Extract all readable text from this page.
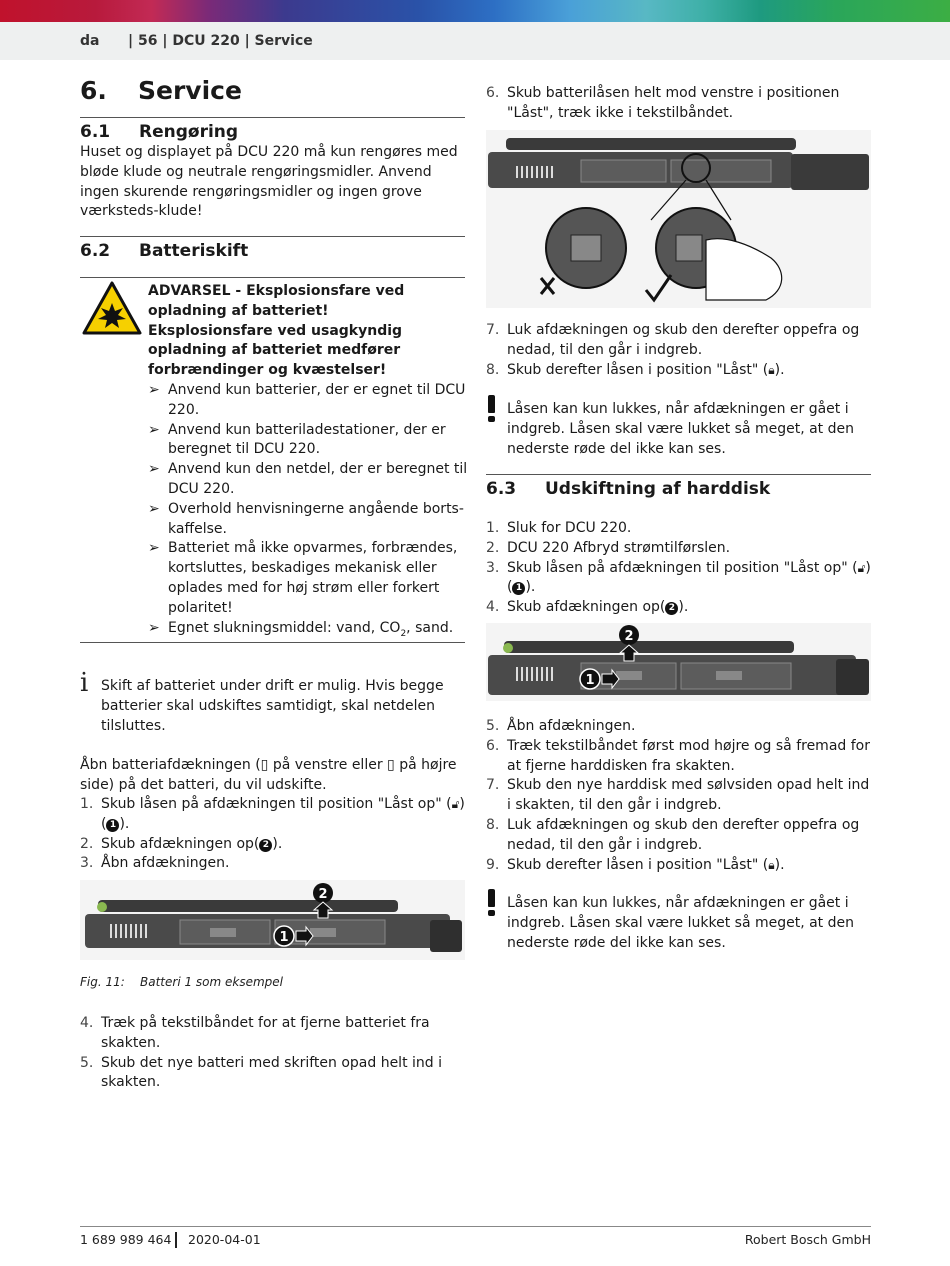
da | 56 | DCU 220 | Service
6. Service
6.1 Rengøring
Huset og displayet på DCU 220 må kun rengøres med bløde klude og neutrale rengøringsmidler. Anvend ingen skurende rengøringsmidler og ingen grove værksteds-klude!
6.2 Batteriskift

ADVARSEL - Eksplosionsfare ved opladning af batteriet!

Eksplosionsfare ved usagkyndig opladning af batteriet medfører forbrændinger og kvæstelser!

➢ Anvend kun batterier, der er egnet til DCU 220.
➢ Anvend kun batteriladestationer, der er beregnet til DCU 220.
➢ Anvend kun den netdel, der er beregnet til DCU 220.
➢ Overhold henvisningerne angående borts-kaffelse.
➢ Batteriet må ikke opvarmes, forbrændes, kortsluttes, beskadiges mekanisk eller oplades med for høj strøm eller forkert polaritet!
➢ Egnet slukningsmiddel: vand, $CO_2$, sand.
i Skift af batteriet under drift er mulig. Hvis begge batterier skal udskiftes samtidigt, skal netdelen tilsluttes.
Åbn batteriafdækningen (▯ på venstre eller ▯ på højre side) på det batteri, du vil udskifte.
1. Skub låsen på afdækningen til position "Låst op" (🔓︎) ( 1 ).
2. Skub afdækningen op( 2 ).
3. Åbn afdækningen.
1
2
Fig. 11: Batteri 1 som eksempel
4. Træk på tekstilbåndet for at fjerne batteriet fra skakten.
5. Skub det nye batteri med skriften opad helt ind i skakten.
6. Skub batterilåsen helt mod venstre i positionen "Låst", træk ikke i tekstilbåndet.
7. Luk afdækningen og skub den derefter oppefra og nedad, til den går i indgreb.
8. Skub derefter låsen i position "Låst" (🔒︎).
Låsen kan kun lukkes, når afdækningen er gået i indgreb. Låsen skal være lukket så meget, at den nederste røde del ikke kan ses.
6.3 Udskiftning af harddisk
1. Sluk for DCU 220.
2. DCU 220 Afbryd strømtilførslen.
3. Skub låsen på afdækningen til position "Låst op" (🔓︎) ( 1 ).
4. Skub afdækningen op( 2 ).
1
2
5. Åbn afdækningen.
6. Træk tekstilbåndet først mod højre og så fremad for at fjerne harddisken fra skakten.
7. Skub den nye harddisk med sølvsiden opad helt ind i skakten, til den går i indgreb.
8. Luk afdækningen og skub den derefter oppefra og nedad, til den går i indgreb.
9. Skub derefter låsen i position "Låst" (🔒︎).
Låsen kan kun lukkes, når afdækningen er gået i indgreb. Låsen skal være lukket så meget, at den nederste røde del ikke kan ses.
1 689 989 464 2020-04-01	Robert Bosch GmbH
